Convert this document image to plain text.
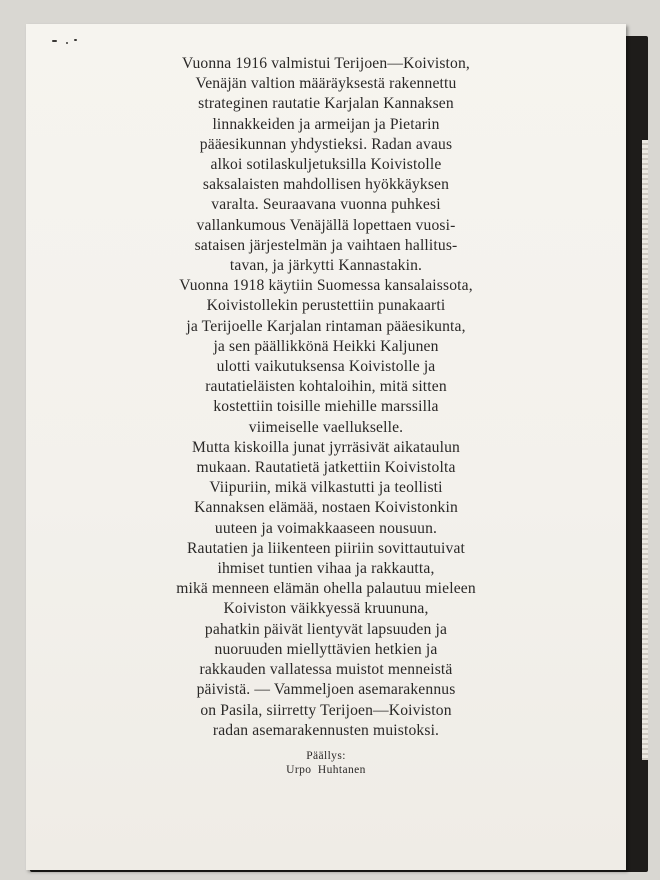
Vuonna 1916 valmistui Terijoen—Koiviston,
Venäjän valtion määräyksestä rakennettu
strateginen rautatie Karjalan Kannaksen
linnakkeiden ja armeijan ja Pietarin
pääesikunnan yhdystieksi. Radan avaus
alkoi sotilaskuljetuksilla Koivistolle
saksalaisten mahdollisen hyökkäyksen
varalta. Seuraavana vuonna puhkesi
vallankumous Venäjällä lopettaen vuosi-
sataisen järjestelmän ja vaihtaen hallitus-
tavan, ja järkytti Kannastakin.
Vuonna 1918 käytiin Suomessa kansalaissota,
Koivistollekin perustettiin punakaarti
ja Terijoelle Karjalan rintaman pääesikunta,
ja sen päällikkönä Heikki Kaljunen
ulotti vaikutuksensa Koivistolle ja
rautatieläisten kohtaloihin, mitä sitten
kostettiin toisille miehille marssilla
viimeiselle vaellukselle.
Mutta kiskoilla junat jyrräsivät aikataulun
mukaan. Rautatietä jatkettiin Koivistolta
Viipuriin, mikä vilkastutti ja teollisti
Kannaksen elämää, nostaen Koivistonkin
uuteen ja voimakkaaseen nousuun.
Rautatien ja liikenteen piiriin sovittautuivat
ihmiset tuntien vihaa ja rakkautta,
mikä menneen elämän ohella palautuu mieleen
Koiviston väikkyessä kruununa,
pahatkin päivät lientyvät lapsuuden ja
nuoruuden miellyttävien hetkien ja
rakkauden vallatessa muistot menneistä
päivistä. — Vammeljoen asemarakennus
on Pasila, siirretty Terijoen—Koiviston
radan asemarakennusten muistoksi.
Päällys:
Urpo  Huhtanen
